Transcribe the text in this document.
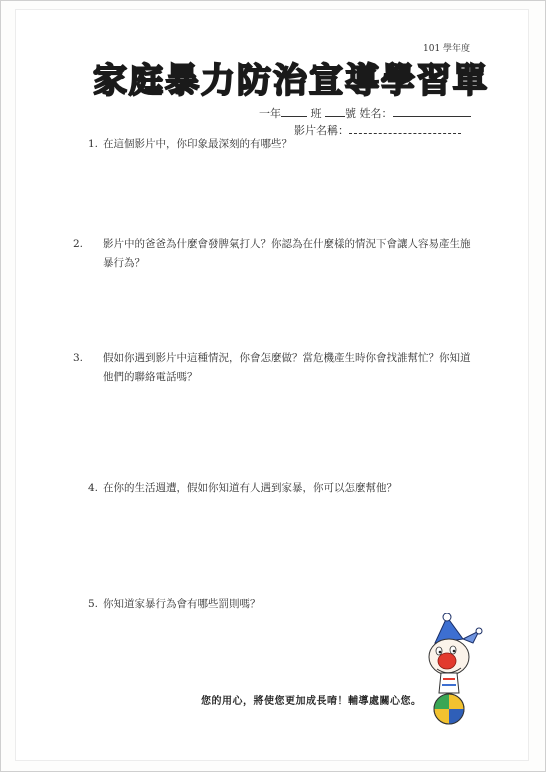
101 學年度
家庭暴力防治宣導學習單
一年	班 號 姓名：
影片名稱：
1. 在這個影片中，你印象最深刻的有哪些？
2. 影片中的爸爸為什麼會發脾氣打人？你認為在什麼樣的情況下會讓人容易產生施暴行為？
3. 假如你遇到影片中這種情況，你會怎麼做？當危機產生時你會找誰幫忙？你知道他們的聯絡電話嗎？
4. 在你的生活週遭，假如你知道有人遇到家暴，你可以怎麼幫他？
5. 你知道家暴行為會有哪些罰則嗎？
您的用心，將使您更加成長唷！輔導處關心您。
